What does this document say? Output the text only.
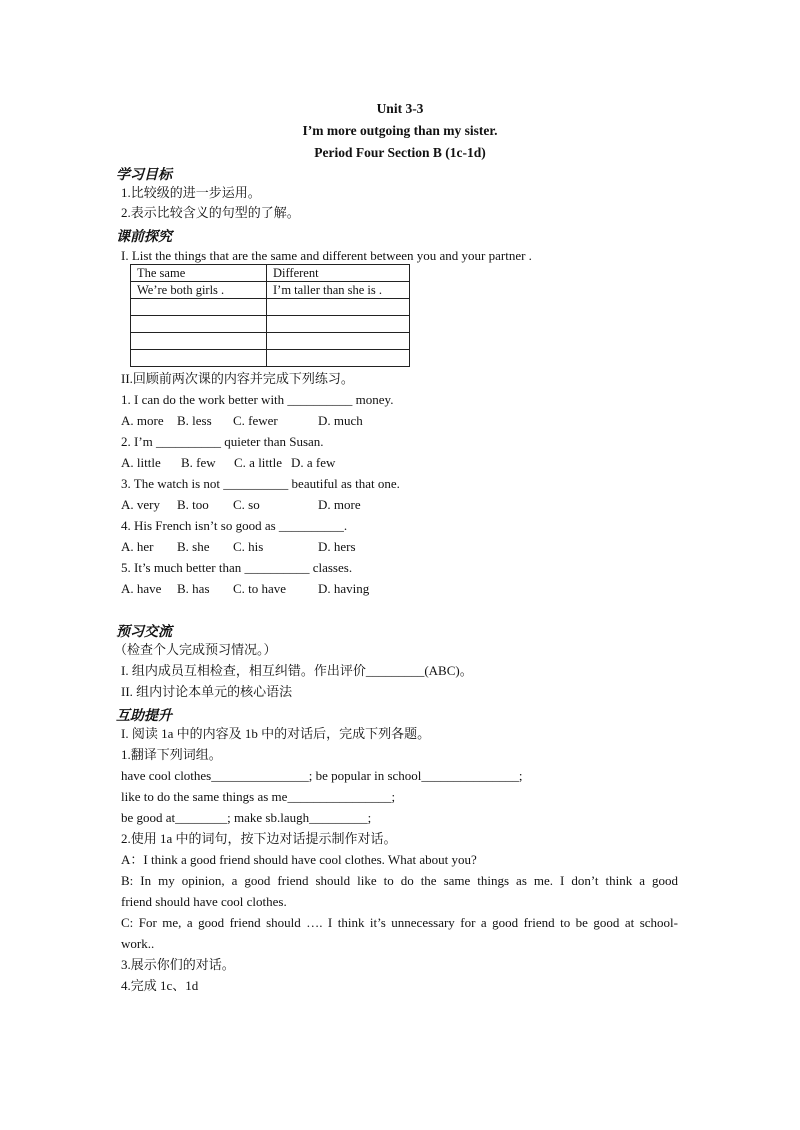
Unit 3-3
I’m more outgoing than my sister.
Period Four Section B (1c-1d)
学习目标
1.比较级的进一步运用。
2.表示比较含义的句型的了解。
课前探究
I. List the things that are the same and different between you and your partner .
The same	Different
We’re both girls .	I’m taller than she is .

II.回顾前两次课的内容并完成下列练习。
1. I can do the work better with __________ money.
A. more B. less C. fewer	D. much
2. I’m __________ quieter than Susan.
A. little B. few C. a little D. a few
3. The watch is not __________ beautiful as that one.
A. very B. too C. so	D. more
4. His French isn’t so good as __________.
A. her B. she C. his	D. hers
5. It’s much better than __________ classes.
A. have B. has C. to have D. having
预习交流
（检查个人完成预习情况。）
I. 组内成员互相检查，相互纠错。作出评价_________(ABC)。
II. 组内讨论本单元的核心语法
互助提升
I. 阅读 1a 中的内容及 1b 中的对话后，完成下列各题。
1.翻译下列词组。
have cool clothes_______________; be popular in school_______________;
like to do the same things as me________________;
be good at________; make sb.laugh_________;
2.使用 1a 中的词句，按下边对话提示制作对话。
A：I think a good friend should have cool clothes. What about you?
B: In my opinion, a good friend should like to do the same things as me. I don’t think a good
friend should have cool clothes.
C: For me, a good friend should …. I think it’s unnecessary for a good friend to be good at school-
work..
3.展示你们的对话。
4.完成 1c、1d
